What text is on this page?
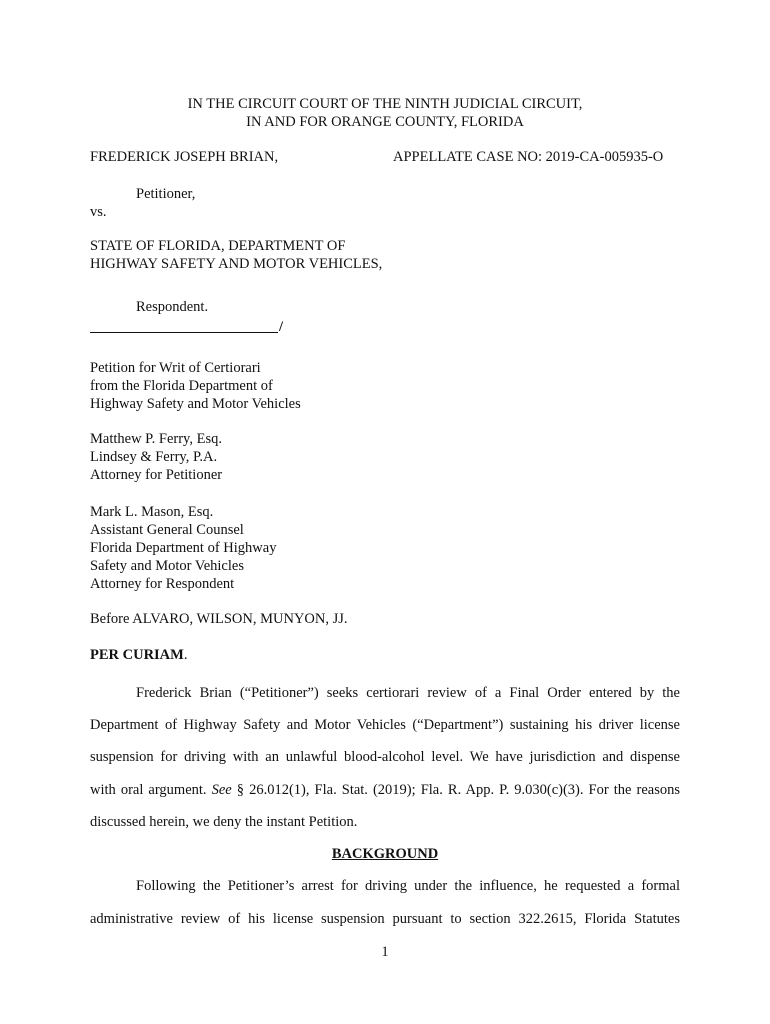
IN THE CIRCUIT COURT OF THE NINTH JUDICIAL CIRCUIT,
IN AND FOR ORANGE COUNTY, FLORIDA
FREDERICK JOSEPH BRIAN,	APPELLATE CASE NO: 2019-CA-005935-O
Petitioner,
vs.
STATE OF FLORIDA, DEPARTMENT OF
HIGHWAY SAFETY AND MOTOR VEHICLES,
Respondent.
/
Petition for Writ of Certiorari
from the Florida Department of
Highway Safety and Motor Vehicles
Matthew P. Ferry, Esq.
Lindsey & Ferry, P.A.
Attorney for Petitioner
Mark L. Mason, Esq.
Assistant General Counsel
Florida Department of Highway
Safety and Motor Vehicles
Attorney for Respondent
Before ALVARO, WILSON, MUNYON, JJ.
PER CURIAM.
Frederick Brian (“Petitioner”) seeks certiorari review of a Final Order entered by the
Department of Highway Safety and Motor Vehicles (“Department”) sustaining his driver license
suspension for driving with an unlawful blood-alcohol level. We have jurisdiction and dispense
with oral argument. See § 26.012(1), Fla. Stat. (2019); Fla. R. App. P. 9.030(c)(3). For the reasons
discussed herein, we deny the instant Petition.
BACKGROUND
Following the Petitioner’s arrest for driving under the influence, he requested a formal
administrative review of his license suspension pursuant to section 322.2615, Florida Statutes
1
